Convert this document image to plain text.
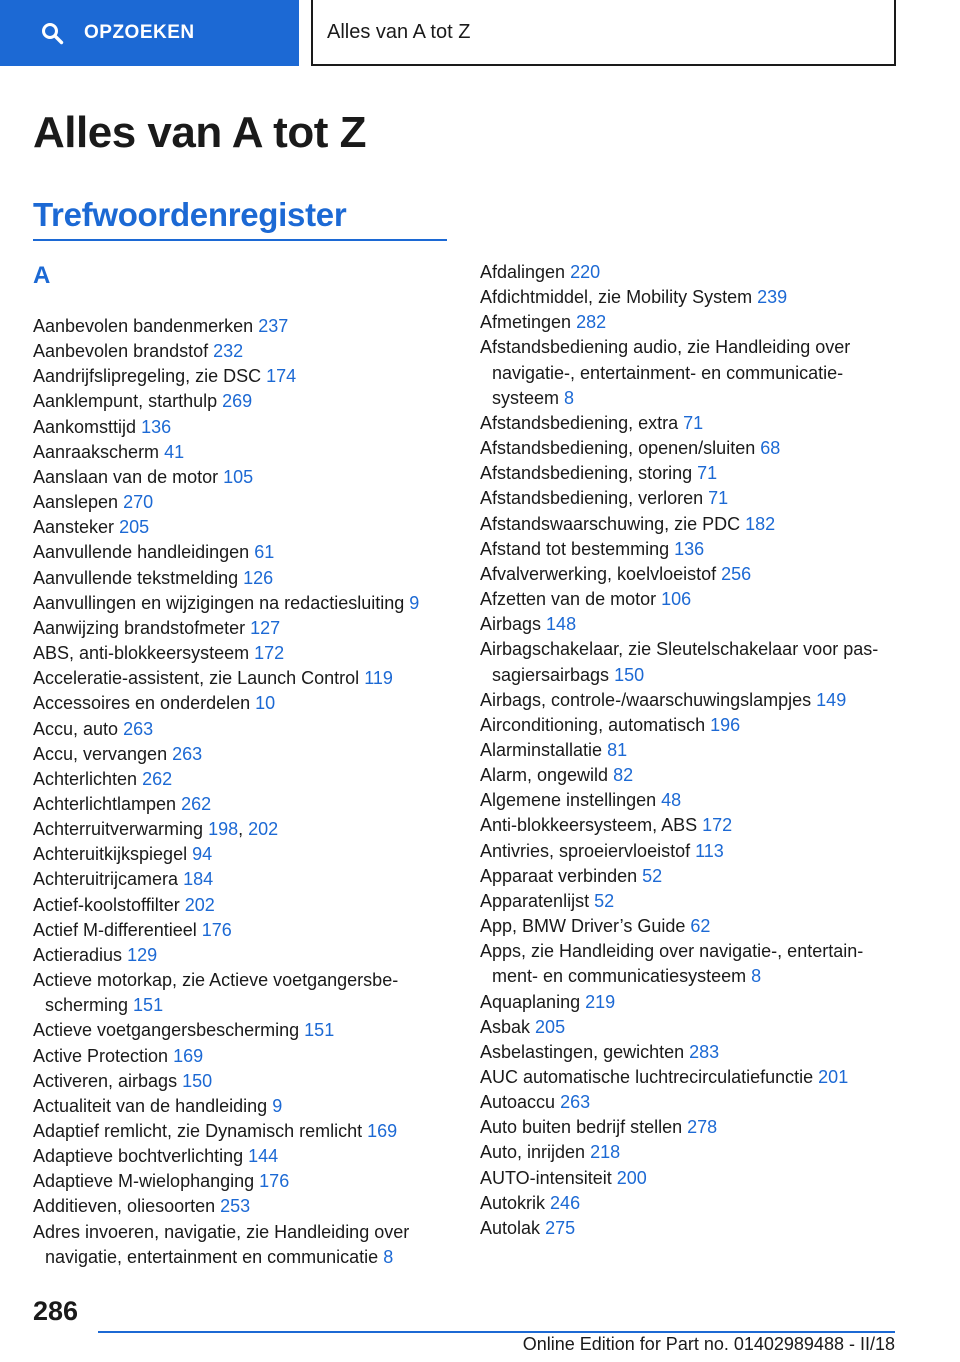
OPZOEKEN	Alles van A tot Z
Alles van A tot Z
Trefwoordenregister
A
Aanbevolen bandenmerken 237
Aanbevolen brandstof 232
Aandrijfslipregeling, zie DSC 174
Aanklempunt, starthulp 269
Aankomsttijd 136
Aanraakscherm 41
Aanslaan van de motor 105
Aanslepen 270
Aansteker 205
Aanvullende handleidingen 61
Aanvullende tekstmelding 126
Aanvullingen en wijzigingen na redactiesluiting 9
Aanwijzing brandstofmeter 127
ABS, anti-blokkeersysteem 172
Acceleratie-assistent, zie Launch Control 119
Accessoires en onderdelen 10
Accu, auto 263
Accu, vervangen 263
Achterlichten 262
Achterlichtlampen 262
Achterruitverwarming 198, 202
Achteruitkijkspiegel 94
Achteruitrijcamera 184
Actief-koolstoffilter 202
Actief M-differentieel 176
Actieradius 129
Actieve motorkap, zie Actieve voetgangersbe-scherming 151
Actieve voetgangersbescherming 151
Active Protection 169
Activeren, airbags 150
Actualiteit van de handleiding 9
Adaptief remlicht, zie Dynamisch remlicht 169
Adaptieve bochtverlichting 144
Adaptieve M-wielophanging 176
Additieven, oliesoorten 253
Adres invoeren, navigatie, zie Handleiding over navigatie, entertainment en communicatie 8
Afdalingen 220
Afdichtmiddel, zie Mobility System 239
Afmetingen 282
Afstandsbediening audio, zie Handleiding over navigatie-, entertainment- en communicatie-systeem 8
Afstandsbediening, extra 71
Afstandsbediening, openen/sluiten 68
Afstandsbediening, storing 71
Afstandsbediening, verloren 71
Afstandswaarschuwing, zie PDC 182
Afstand tot bestemming 136
Afvalverwerking, koelvloeistof 256
Afzetten van de motor 106
Airbags 148
Airbagschakelaar, zie Sleutelschakelaar voor pas-sagiersairbags 150
Airbags, controle-/waarschuwingslampjes 149
Airconditioning, automatisch 196
Alarminstallatie 81
Alarm, ongewild 82
Algemene instellingen 48
Anti-blokkeersysteem, ABS 172
Antivries, sproeiervloeistof 113
Apparaat verbinden 52
Apparatenlijst 52
App, BMW Driver’s Guide 62
Apps, zie Handleiding over navigatie-, entertain-ment- en communicatiesysteem 8
Aquaplaning 219
Asbak 205
Asbelastingen, gewichten 283
AUC automatische luchtrecirculatiefunctie 201
Autoaccu 263
Auto buiten bedrijf stellen 278
Auto, inrijden 218
AUTO-intensiteit 200
Autokrik 246
Autolak 275
286
Online Edition for Part no. 01402989488 - II/18
